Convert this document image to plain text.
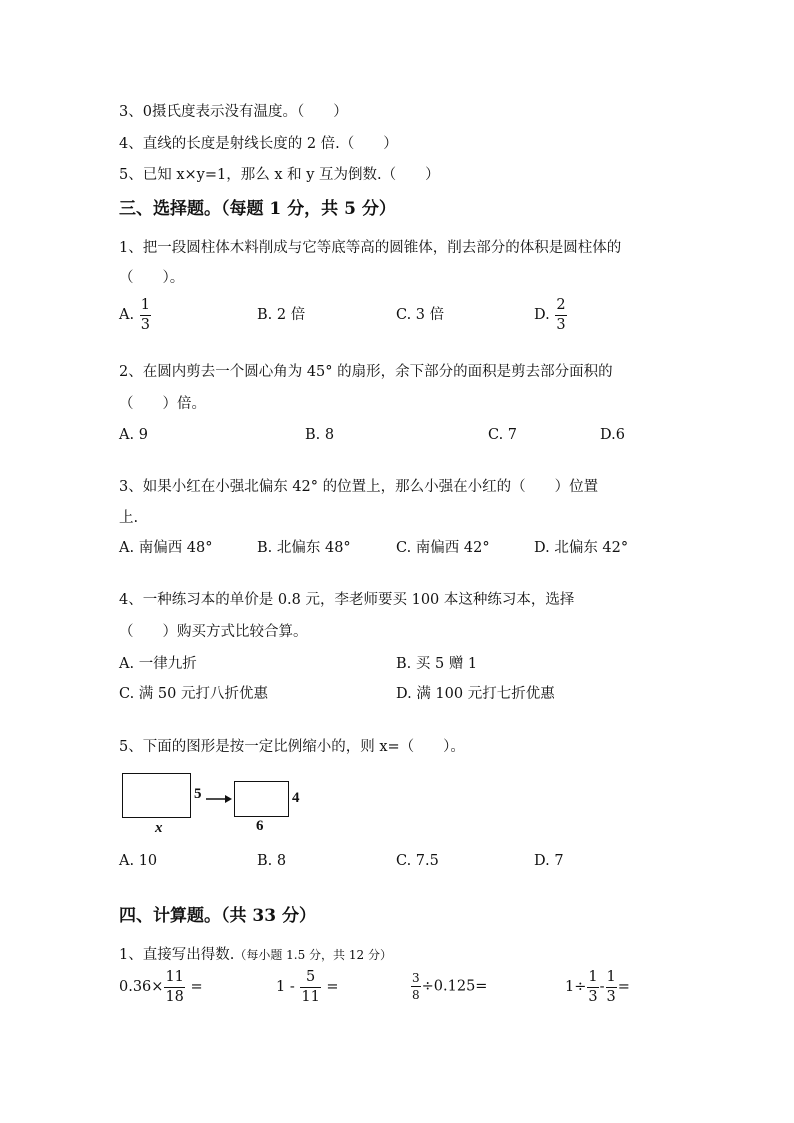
3、0摄氏度表示没有温度。（　　）
4、直线的长度是射线长度的 2 倍.（　　）
5、已知 x×y=1，那么 x 和 y 互为倒数.（　　）
三、选择题。（每题 1 分，共 5 分）
1、把一段圆柱体木料削成与它等底等高的圆锥体，削去部分的体积是圆柱体的
（　　）。
A. $\frac{1}{3}$	B. 2 倍	C. 3 倍	D. $\frac{2}{3}$
2、在圆内剪去一个圆心角为 45° 的扇形，余下部分的面积是剪去部分面积的
（　　）倍。
A. 9	B. 8	C. 7	D.6
3、如果小红在小强北偏东 42° 的位置上，那么小强在小红的（　　）位置
上.
A. 南偏西 48°	B. 北偏东 48°	C. 南偏西 42°	D. 北偏东 42°
4、一种练习本的单价是 0.8 元，李老师要买 100 本这种练习本，选择
（　　）购买方式比较合算。
A. 一律九折	B. 买 5 赠 1
C. 满 50 元打八折优惠	D. 满 100 元打七折优惠
5、下面的图形是按一定比例缩小的，则 x=（　　）。
5	4
x	6
A. 10	B. 8	C. 7.5	D. 7
四、计算题。（共 33 分）
1、直接写出得数.（每小题 1.5 分，共 12 分）
$0.36\times \frac{11}{18}$ =	$1 - \frac{5}{11}$ =	$\frac{3}{8} \div 0.125=$	$1\div \frac{1}{3} - \frac{1}{3}$ =
